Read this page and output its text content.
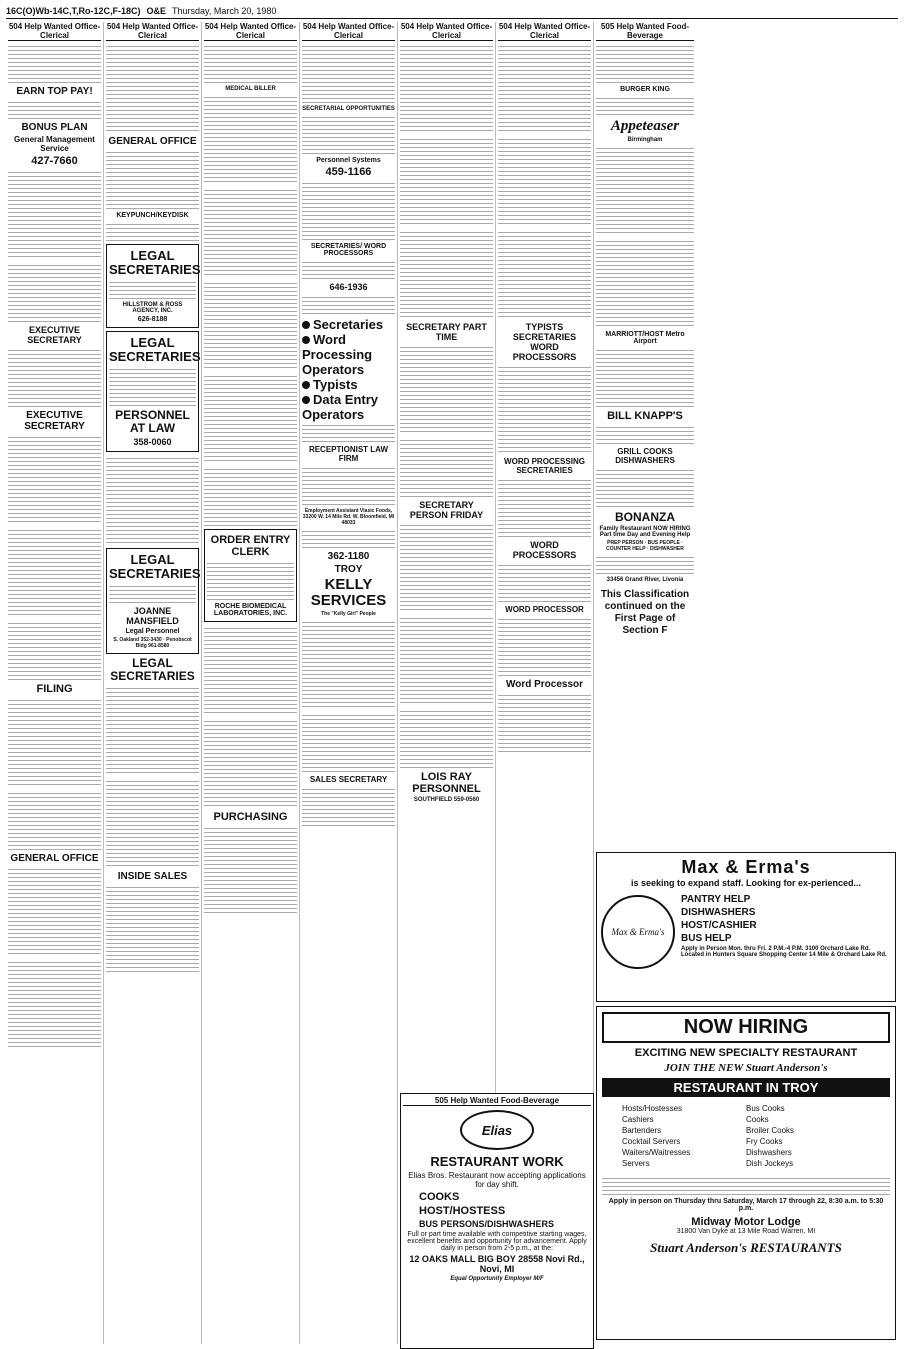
16C(O)Wb-14C,T,Ro-12C,F-18C) O&E Thursday, March 20, 1980
504 Help Wanted Office-Clerical
EARN TOP PAY!
BONUS PLAN
General Management Service
427-7660
EXECUTIVE SECRETARY
EXECUTIVE SECRETARY
FILING
GENERAL OFFICE
504 Help Wanted Office-Clerical
GENERAL OFFICE
KEYPUNCH/KEYDISK
LEGAL SECRETARIES
HILLSTROM & ROSS AGENCY, INC.
626-8188
LEGAL SECRETARIES
PERSONNEL AT LAW
358-0060
LEGAL SECRETARIES
JOANNE MANSFIELD
Legal Personnel
S. Oakland 352-3430 · Penobscot Bldg 961-8580
LEGAL SECRETARIES
INSIDE SALES
504 Help Wanted Office-Clerical
MEDICAL BILLER
ORDER ENTRY CLERK
ROCHE BIOMEDICAL LABORATORIES, INC.
PURCHASING
504 Help Wanted Office-Clerical
SECRETARIAL OPPORTUNITIES
Personnel Systems
459-1166
SECRETARIES/ WORD PROCESSORS
646-1936
Secretaries
Word Processing Operators
Typists
Data Entry Operators
RECEPTIONIST LAW FIRM
Employment Assistant Vlasic Foods, 33200 W. 14 Mile Rd. W. Bloomfield, MI 48033
362-1180
TROY
KELLY SERVICES
The "Kelly Girl" People
SALES SECRETARY
504 Help Wanted Office-Clerical
SECRETARY PART TIME
SECRETARY PERSON FRIDAY
LOIS RAY PERSONNEL
SOUTHFIELD 559-0560
504 Help Wanted Office-Clerical
TYPISTS SECRETARIES WORD PROCESSORS
WORD PROCESSING SECRETARIES
WORD PROCESSORS
WORD PROCESSOR
Word Processor
505 Help Wanted Food-Beverage
BURGER KING
Appeteaser
Birmingham
MARRIOTT/HOST Metro Airport
BILL KNAPP'S
GRILL COOKS DISHWASHERS
BONANZA
Family Restaurant NOW HIRING Part time Day and Evening Help
PREP PERSON · BUS PEOPLE · COUNTER HELP · DISHWASHER
33456 Grand River, Livonia
This Classification continued on the First Page of Section F
505 Help Wanted Food-Beverage
Elias
RESTAURANT WORK
Elias Bros. Restaurant now accepting applications for day shift.
COOKS
HOST/HOSTESS
BUS PERSONS/DISHWASHERS
Full or part time available with competitive starting wages, excellent benefits and opportunity for advancement. Apply daily in person from 2-5 p.m., at the:
12 OAKS MALL BIG BOY 28558 Novi Rd., Novi, MI
Equal Opportunity Employer M/F
Max & Erma's
is seeking to expand staff. Looking for ex-perienced...
Max & Erma's
PANTRY HELP
DISHWASHERS
HOST/CASHIER
BUS HELP
Apply in Person Mon. thru Fri. 2 P.M.-4 P.M. 3100 Orchard Lake Rd. Located in Hunters Square Shopping Center 14 Mile & Orchard Lake Rd.
NOW HIRING
EXCITING NEW SPECIALTY RESTAURANT
JOIN THE NEW Stuart Anderson's
RESTAURANT IN TROY
Hosts/Hostesses	Bus Cooks
Cashiers	Cooks
Bartenders	Broiler Cooks
Cocktail Servers	Fry Cooks
Waiters/Waitresses	Dishwashers
Servers	Dish Jockeys
Apply in person on Thursday thru Saturday, March 17 through 22, 8:30 a.m. to 5:30 p.m.
Midway Motor Lodge
31800 Van Dyke at 13 Mile Road Warren, MI
Stuart Anderson's RESTAURANTS
